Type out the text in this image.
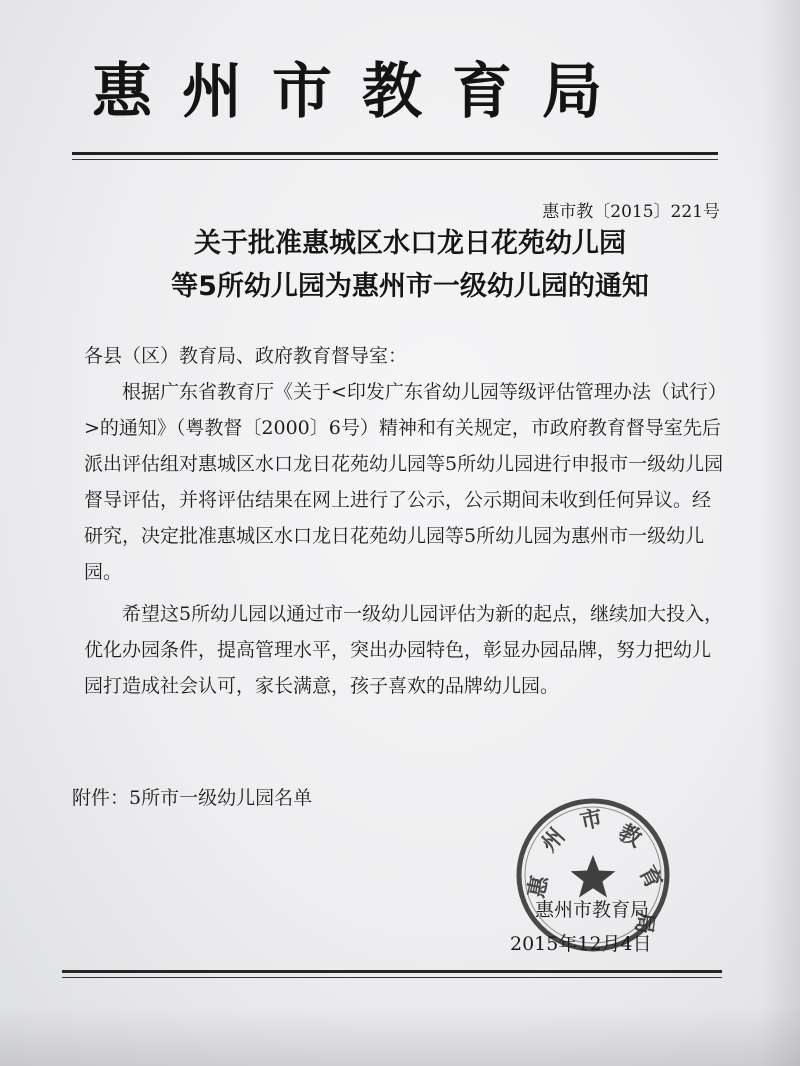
惠州市教育局
惠市教〔2015〕221号
关于批准惠城区水口龙日花苑幼儿园
等5所幼儿园为惠州市一级幼儿园的通知
各县（区）教育局、政府教育督导室：
根据广东省教育厅《关于<印发广东省幼儿园等级评估管理办法（试行）>的通知》（粤教督〔2000〕6号）精神和有关规定，市政府教育督导室先后派出评估组对惠城区水口龙日花苑幼儿园等5所幼儿园进行申报市一级幼儿园督导评估，并将评估结果在网上进行了公示，公示期间未收到任何异议。经研究，决定批准惠城区水口龙日花苑幼儿园等5所幼儿园为惠州市一级幼儿园。
希望这5所幼儿园以通过市一级幼儿园评估为新的起点，继续加大投入，优化办园条件，提高管理水平，突出办园特色，彰显办园品牌，努力把幼儿园打造成社会认可，家长满意，孩子喜欢的品牌幼儿园。
附件：5所市一级幼儿园名单
惠
州
市 教
育
局
惠州市教育局
2015年12月4日
